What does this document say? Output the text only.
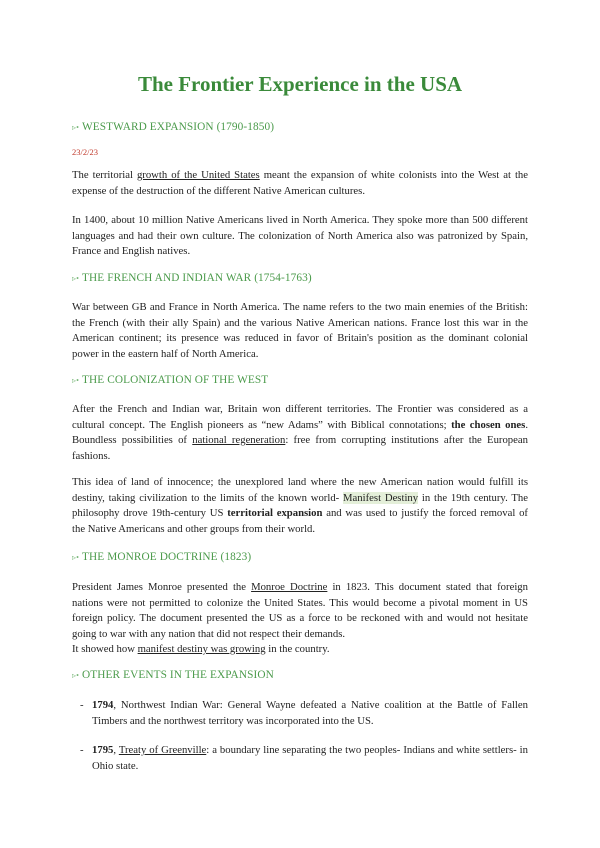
The Frontier Experience in the USA
▹• WESTWARD EXPANSION (1790-1850)
23/2/23

The territorial growth of the United States meant the expansion of white colonists into the West at the expense of the destruction of the different Native American cultures.

In 1400, about 10 million Native Americans lived in North America. They spoke more than 500 different languages and had their own culture. The colonization of North America also was patronized by Spain, France and English natives.

▹• THE FRENCH AND INDIAN WAR (1754-1763)

War between GB and France in North America. The name refers to the two main enemies of the British: the French (with their ally Spain) and the various Native American nations. France lost this war in the American continent; its presence was reduced in favor of Britain's position as the dominant colonial power in the eastern half of North America.

▹• THE COLONIZATION OF THE WEST

After the French and Indian war, Britain won different territories. The Frontier was considered as a cultural concept. The English pioneers as “new Adams” with Biblical connotations; the chosen ones. Boundless possibilities of national regeneration: free from corrupting institutions after the European fashions.

This idea of land of innocence; the unexplored land where the new American nation would fulfill its destiny, taking civilization to the limits of the known world- Manifest Destiny in the 19th century. The philosophy drove 19th-century US territorial expansion and was used to justify the forced removal of the Native Americans and other groups from their world.

▹• THE MONROE DOCTRINE (1823)

President James Monroe presented the Monroe Doctrine in 1823. This document stated that foreign nations were not permitted to colonize the United States. This would become a pivotal moment in US foreign policy. The document presented the US as a force to be reckoned with and would not hesitate going to war with any nation that did not respect their demands.
It showed how manifest destiny was growing in the country.

▹• OTHER EVENTS IN THE EXPANSION
- 1794, Northwest Indian War: General Wayne defeated a Native coalition at the Battle of Fallen Timbers and the northwest territory was incorporated into the US.
- 1795, Treaty of Greenville: a boundary line separating the two peoples- Indians and white settlers- in Ohio state.
